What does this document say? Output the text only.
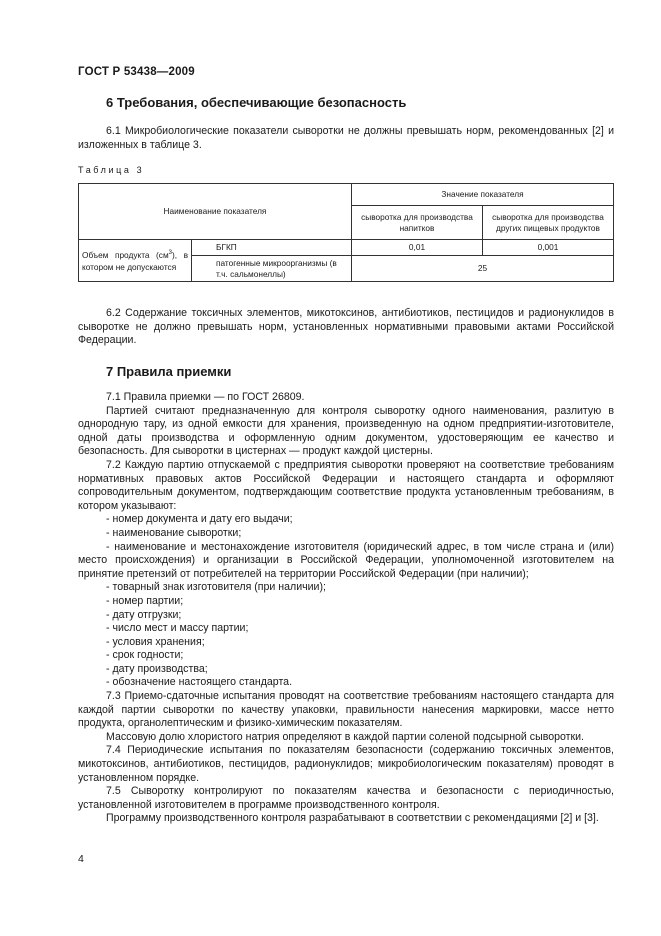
ГОСТ Р 53438—2009
6 Требования, обеспечивающие безопасность

6.1 Микробиологические показатели сыворотки не должны превышать норм, рекомендованных [2] и изложенных в таблице 3.

Таблица 3
Наименование показателя		Значение показателя	
		сыворотка для производства напитков	сыворотка для производства других пищевых продуктов
Объем продукта $(см^3)$, в котором не допускаются	БГКП	0,01	0,001
	патогенные микроорганизмы (в т.ч. сальмонеллы)	25	

6.2 Содержание токсичных элементов, микотоксинов, антибиотиков, пестицидов и радионуклидов в сыворотке не должно превышать норм, установленных нормативными правовыми актами Российской Федерации.

7 Правила приемки

7.1 Правила приемки — по ГОСТ 26809.

Партией считают предназначенную для контроля сыворотку одного наименования, разлитую в однородную тару, из одной емкости для хранения, произведенную на одном предприятии-изготовителе, одной даты производства и оформленную одним документом, удостоверяющим ее качество и безопасность. Для сыворотки в цистернах — продукт каждой цистерны.

7.2 Каждую партию отпускаемой с предприятия сыворотки проверяют на соответствие требованиям нормативных правовых актов Российской Федерации и настоящего стандарта и оформляют сопроводительным документом, подтверждающим соответствие продукта установленным требованиям, в котором указывают:

- номер документа и дату его выдачи;
- наименование сыворотки;
- наименование и местонахождение изготовителя (юридический адрес, в том числе страна и (или) место происхождения) и организации в Российской Федерации, уполномоченной изготовителем на принятие претензий от потребителей на территории Российской Федерации (при наличии);
- товарный знак изготовителя (при наличии);
- номер партии;
- дату отгрузки;
- число мест и массу партии;
- условия хранения;
- срок годности;
- дату производства;
- обозначение настоящего стандарта.

7.3 Приемо-сдаточные испытания проводят на соответствие требованиям настоящего стандарта для каждой партии сыворотки по качеству упаковки, правильности нанесения маркировки, массе нетто продукта, органолептическим и физико-химическим показателям.

Массовую долю хлористого натрия определяют в каждой партии соленой подсырной сыворотки.

7.4 Периодические испытания по показателям безопасности (содержанию токсичных элементов, микотоксинов, антибиотиков, пестицидов, радионуклидов; микробиологическим показателям) проводят в установленном порядке.

7.5 Сыворотку контролируют по показателям качества и безопасности с периодичностью, установленной изготовителем в программе производственного контроля.

Программу производственного контроля разрабатывают в соответствии с рекомендациями [2] и [3].

4
